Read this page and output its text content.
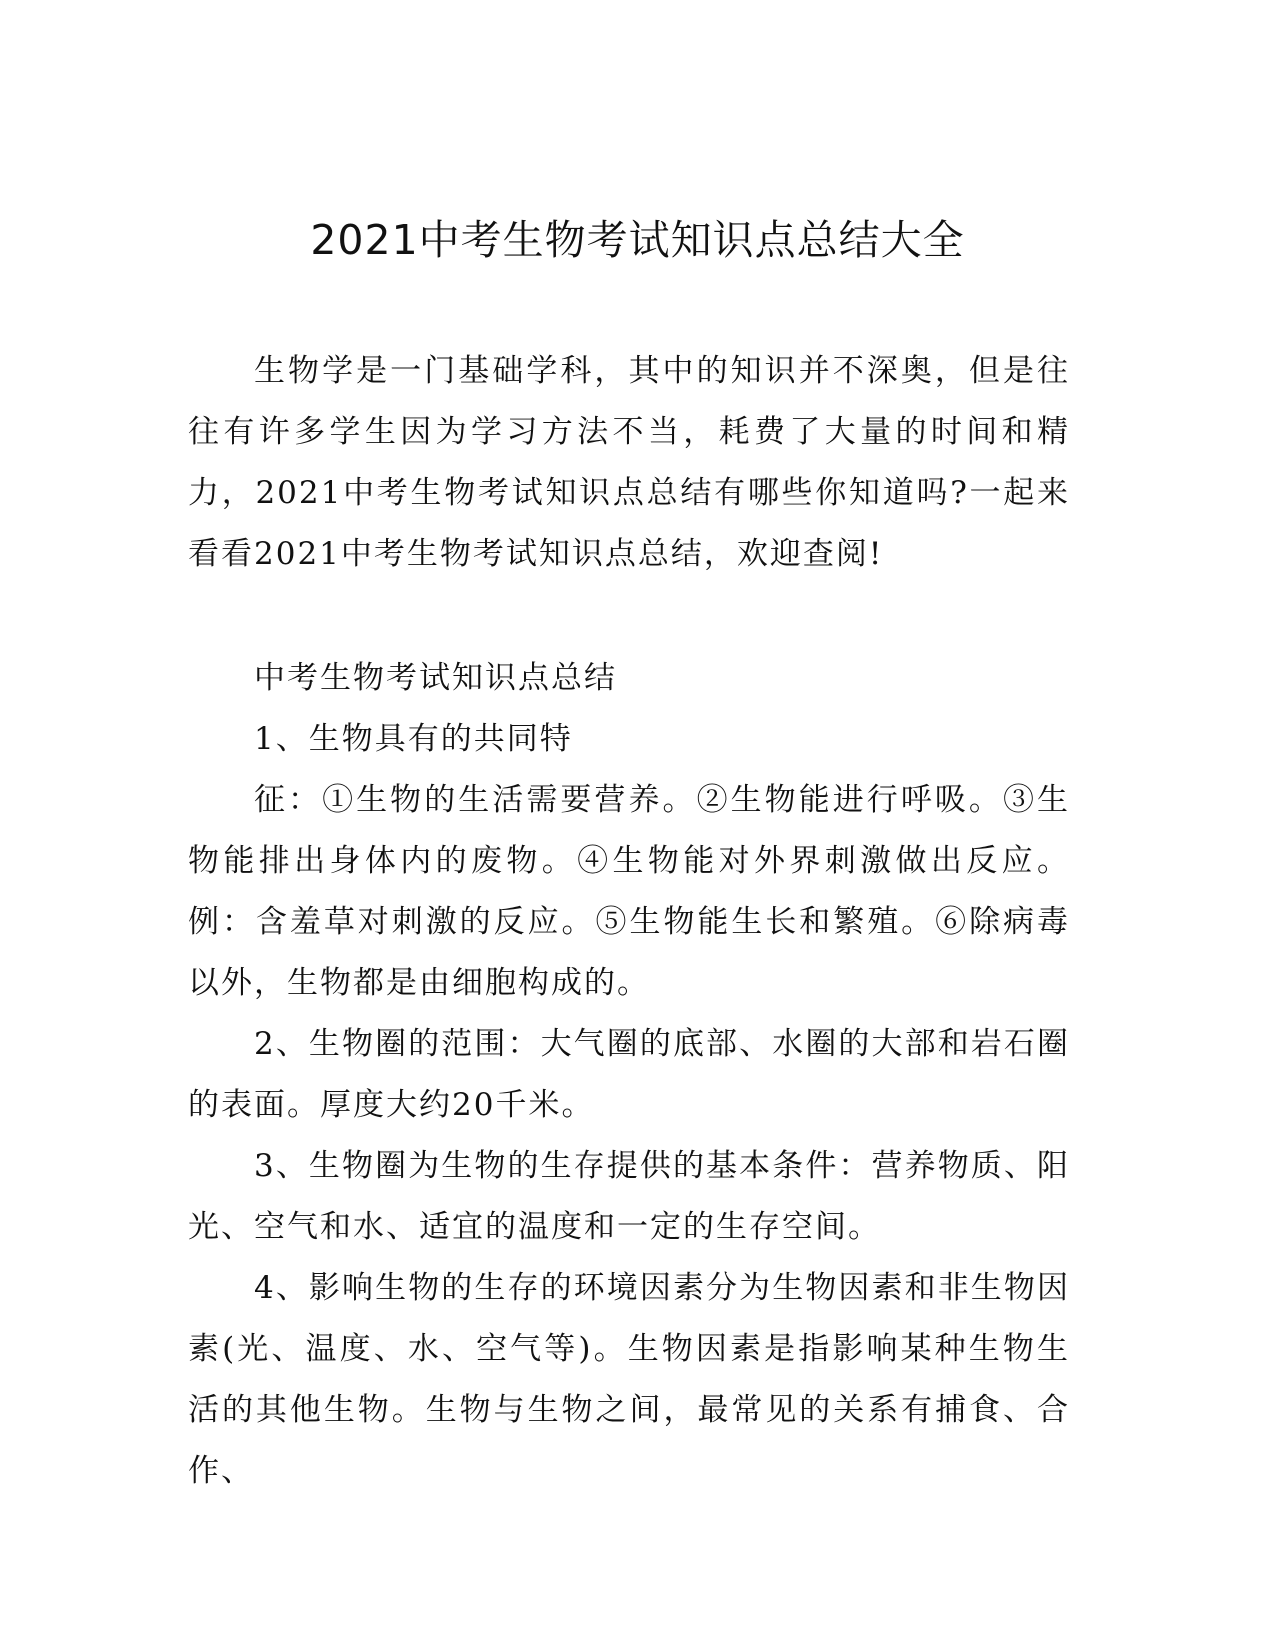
2021中考生物考试知识点总结大全

生物学是一门基础学科，其中的知识并不深奥，但是往往有许多学生因为学习方法不当，耗费了大量的时间和精力，2021中考生物考试知识点总结有哪些你知道吗?一起来看看2021中考生物考试知识点总结，欢迎查阅!

中考生物考试知识点总结

1、生物具有的共同特

征：①生物的生活需要营养。②生物能进行呼吸。③生物能排出身体内的废物。④生物能对外界刺激做出反应。例：含羞草对刺激的反应。⑤生物能生长和繁殖。⑥除病毒以外，生物都是由细胞构成的。

2、生物圈的范围：大气圈的底部、水圈的大部和岩石圈的表面。厚度大约20千米。

3、生物圈为生物的生存提供的基本条件：营养物质、阳光、空气和水、适宜的温度和一定的生存空间。

4、影响生物的生存的环境因素分为生物因素和非生物因素(光、温度、水、空气等)。生物因素是指影响某种生物生活的其他生物。生物与生物之间，最常见的关系有捕食、合作、
